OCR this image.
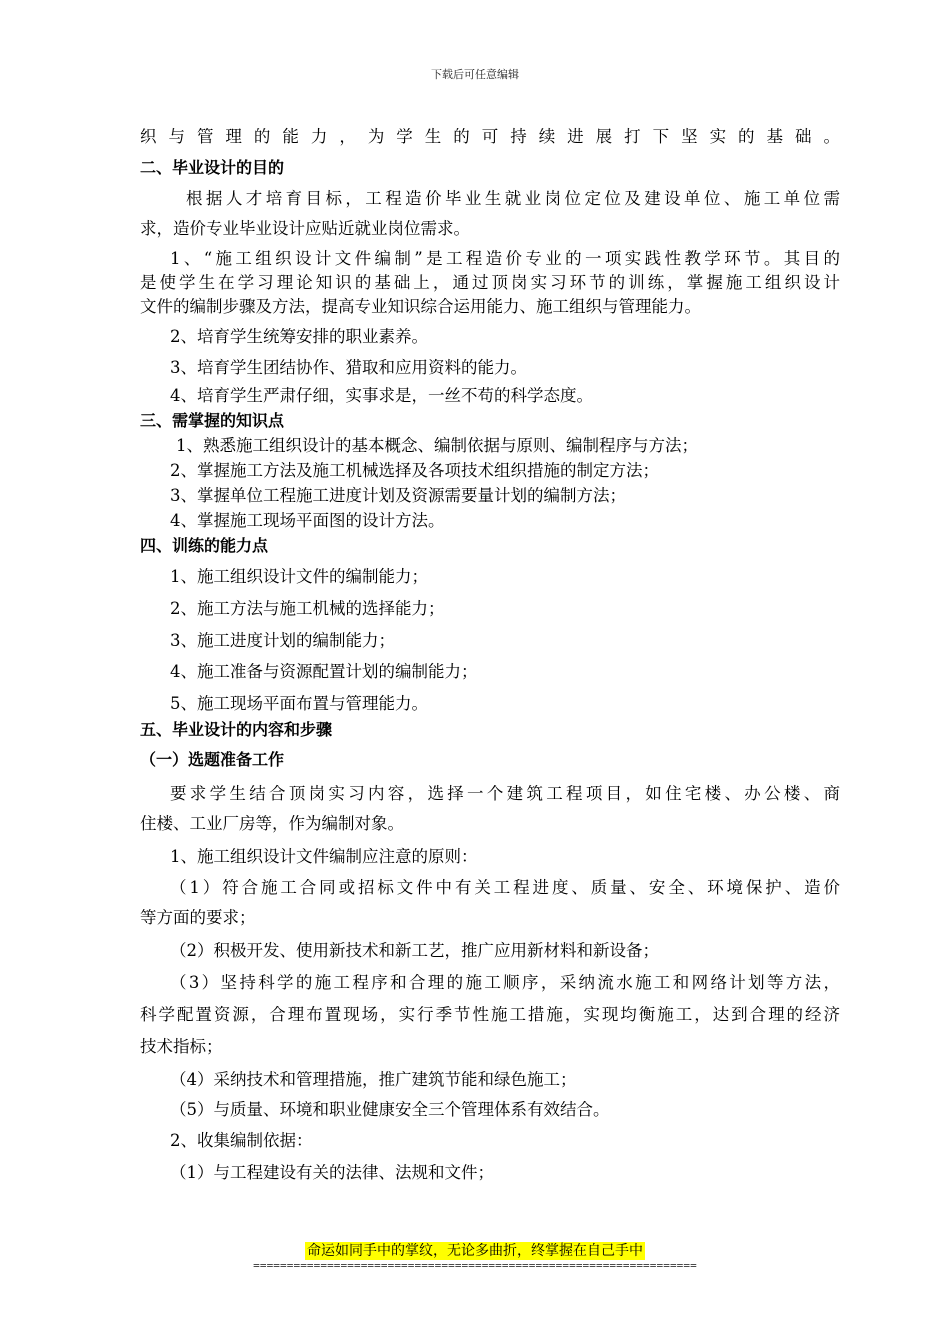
下载后可任意编辑
织与管理的能力，为学生的可持续进展打下坚实的基础。
二、毕业设计的目的
根据人才培育目标，工程造价毕业生就业岗位定位及建设单位、施工单位需
求，造价专业毕业设计应贴近就业岗位需求。
1、“施工组织设计文件编制”是工程造价专业的一项实践性教学环节。其目的
是使学生在学习理论知识的基础上，通过顶岗实习环节的训练，掌握施工组织设计
文件的编制步骤及方法，提高专业知识综合运用能力、施工组织与管理能力。
2、培育学生统筹安排的职业素养。
3、培育学生团结协作、猎取和应用资料的能力。
4、培育学生严肃仔细，实事求是，一丝不苟的科学态度。
三、需掌握的知识点
1、熟悉施工组织设计的基本概念、编制依据与原则、编制程序与方法；
2、掌握施工方法及施工机械选择及各项技术组织措施的制定方法；
3、掌握单位工程施工进度计划及资源需要量计划的编制方法；
4、掌握施工现场平面图的设计方法。
四、训练的能力点
1、施工组织设计文件的编制能力；
2、施工方法与施工机械的选择能力；
3、施工进度计划的编制能力；
4、施工准备与资源配置计划的编制能力；
5、施工现场平面布置与管理能力。
五、毕业设计的内容和步骤
（一）选题准备工作
要求学生结合顶岗实习内容，选择一个建筑工程项目，如住宅楼、办公楼、商
住楼、工业厂房等，作为编制对象。
1、施工组织设计文件编制应注意的原则：
（1）符合施工合同或招标文件中有关工程进度、质量、安全、环境保护、造价
等方面的要求；
（2）积极开发、使用新技术和新工艺，推广应用新材料和新设备；
（3）坚持科学的施工程序和合理的施工顺序，采纳流水施工和网络计划等方法，
科学配置资源，合理布置现场，实行季节性施工措施，实现均衡施工，达到合理的经济
技术指标；
（4）采纳技术和管理措施，推广建筑节能和绿色施工；
（5）与质量、环境和职业健康安全三个管理体系有效结合。
2、收集编制依据：
（1）与工程建设有关的法律、法规和文件；
命运如同手中的掌纹，无论多曲折，终掌握在自己手中
==================================================================
